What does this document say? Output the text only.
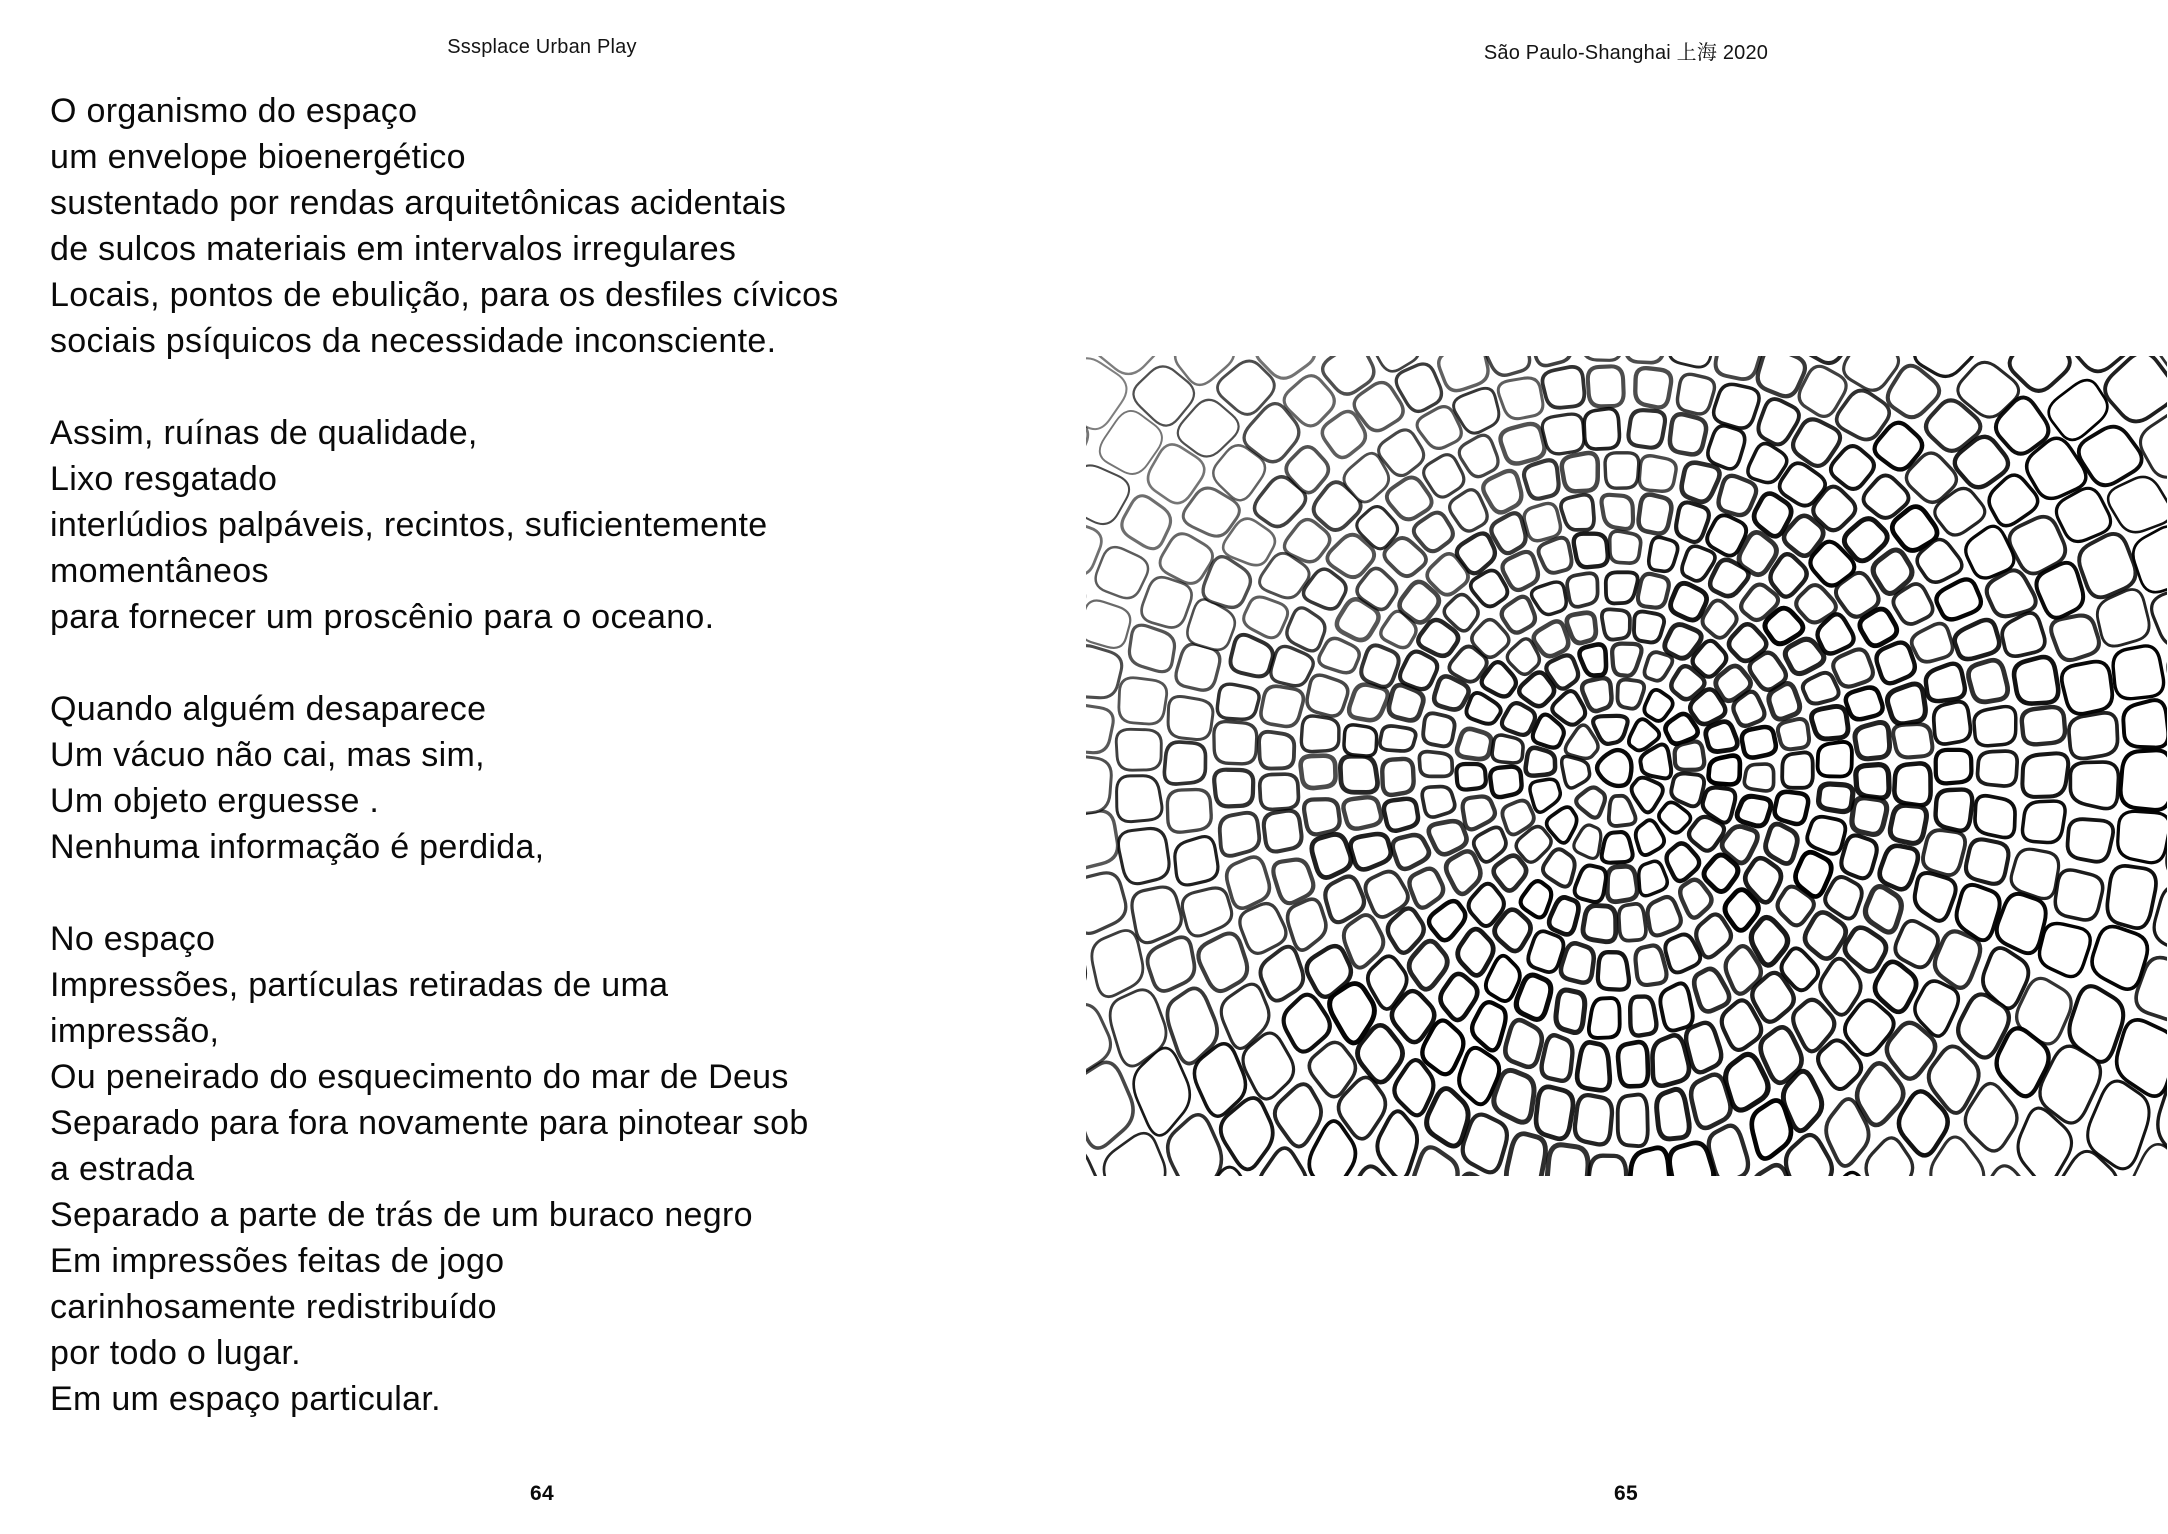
Sssplace Urban Play
O organismo do espaço
um envelope bioenergético
sustentado por rendas arquitetônicas acidentais
de sulcos materiais em intervalos irregulares
Locais, pontos de ebulição, para os desfiles cívicos
sociais psíquicos da necessidade inconsciente.
Assim, ruínas de qualidade,
Lixo resgatado
interlúdios palpáveis, recintos, suficientemente
momentâneos
para fornecer um proscênio para o oceano.
Quando alguém desaparece
Um vácuo não cai, mas sim,
Um objeto erguesse .
Nenhuma informação é perdida,
No espaço
Impressões, partículas retiradas de uma
impressão,
Ou peneirado do esquecimento do mar de Deus
Separado para fora novamente para pinotear sob
a estrada
Separado a parte de trás de um buraco negro
Em impressões feitas de jogo
carinhosamente redistribuído
por todo o lugar.
Em um espaço particular.
64
São Paulo-Shanghai 上海 2020
65
